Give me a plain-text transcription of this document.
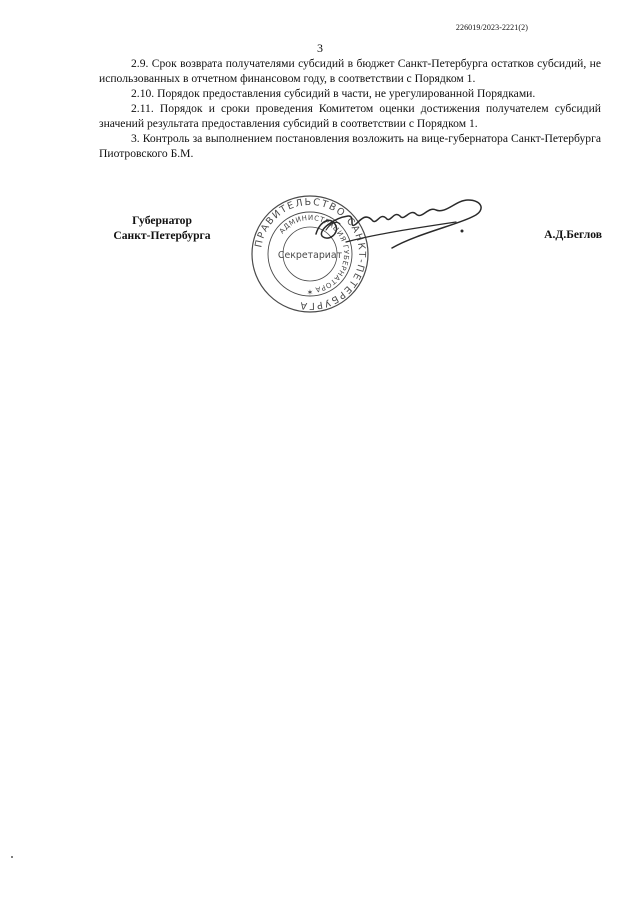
226019/2023-2221(2)
3

2.9. Срок возврата получателями субсидий в бюджет Санкт-Петербурга остатков субсидий, не использованных в отчетном финансовом году, в соответствии с Порядком 1.

2.10. Порядок предоставления субсидий в части, не урегулированной Порядками.

2.11. Порядок и сроки проведения Комитетом оценки достижения получателем субсидий значений результата предоставления субсидий в соответствии с Порядком 1.

3. Контроль за выполнением постановления возложить на вице-губернатора Санкт-Петербурга Пиотровского Б.М.

Губернатор
Санкт-Петербурга
ПРАВИТЕЛЬСТВО САНКТ-ПЕТЕРБУРГА
АДМИНИСТРАЦИЯ ГУБЕРНАТОРА
Секретариат
✶
А.Д.Беглов
